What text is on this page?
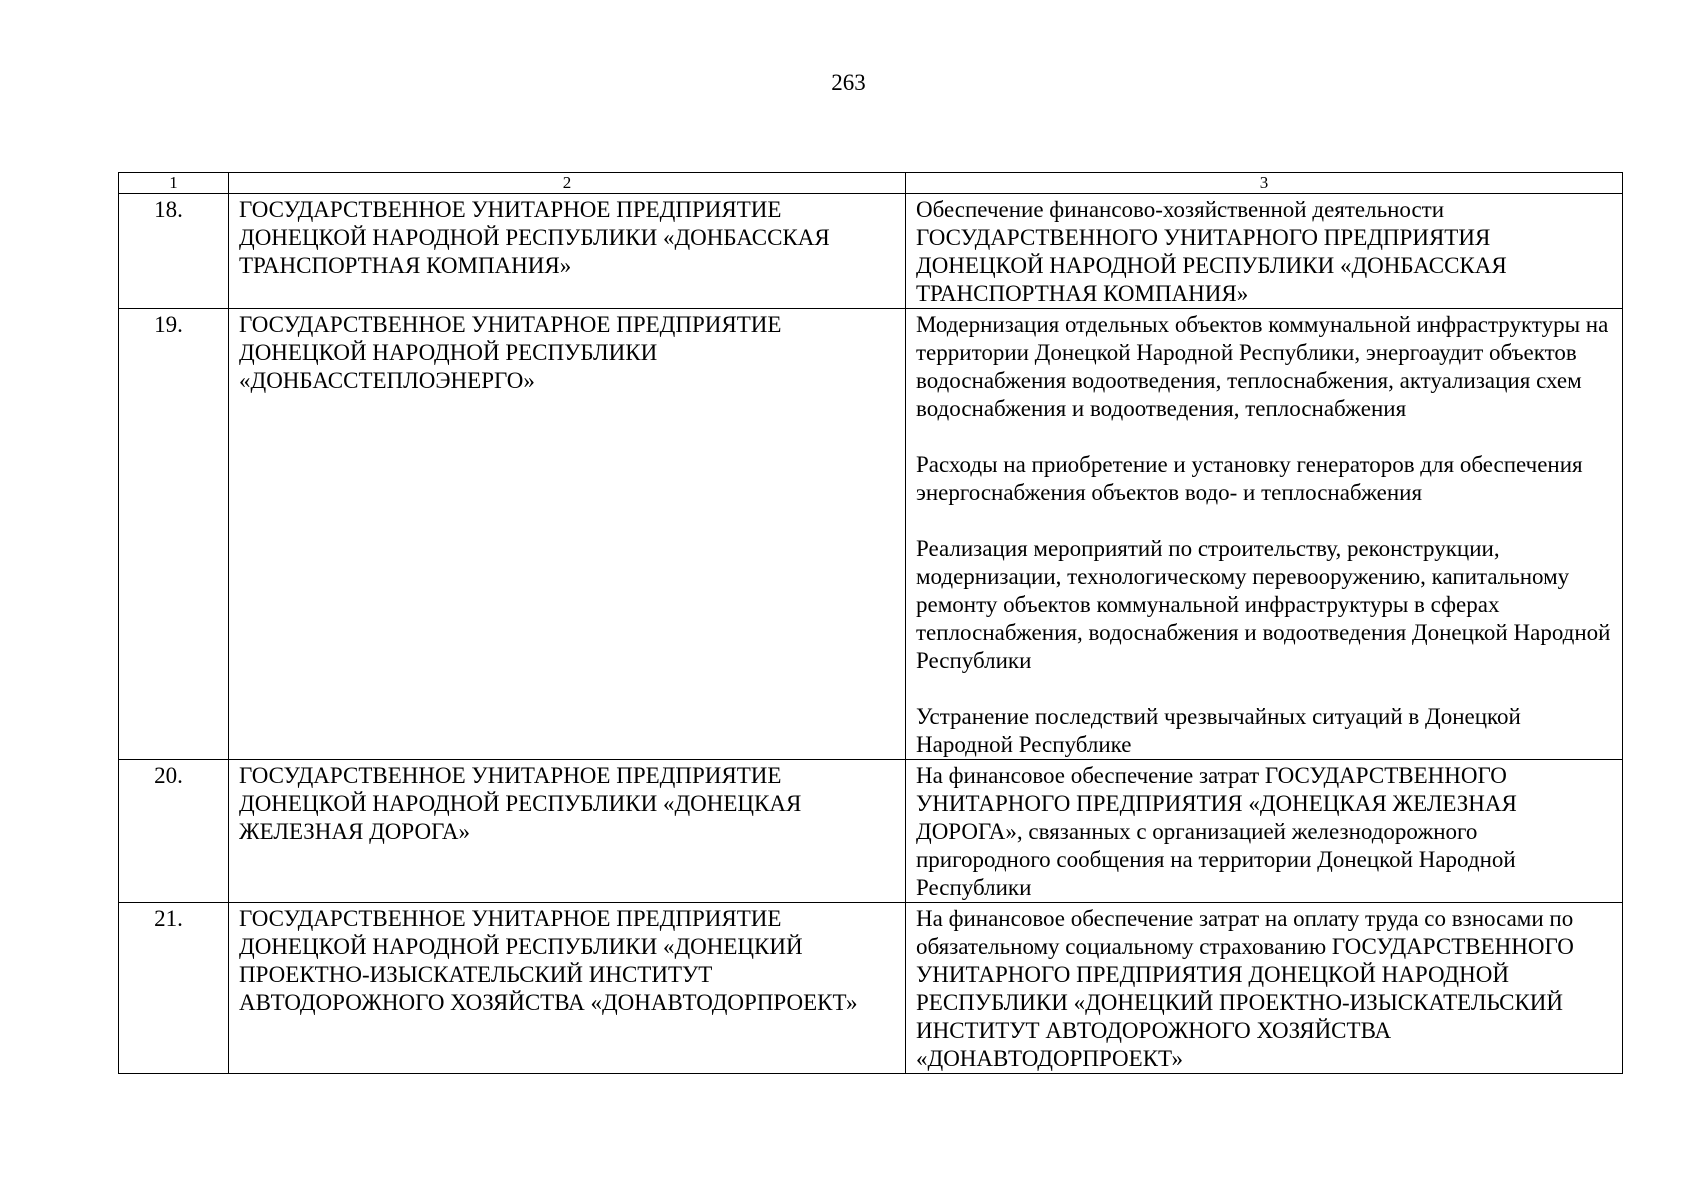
263
1	2	3
18.	ГОСУДАРСТВЕННОЕ УНИТАРНОЕ ПРЕДПРИЯТИЕ ДОНЕЦКОЙ НАРОДНОЙ РЕСПУБЛИКИ «ДОНБАССКАЯ ТРАНСПОРТНАЯ КОМПАНИЯ»	Обеспечение финансово-хозяйственной деятельности ГОСУДАРСТВЕННОГО УНИТАРНОГО ПРЕДПРИЯТИЯ ДОНЕЦКОЙ НАРОДНОЙ РЕСПУБЛИКИ «ДОНБАССКАЯ ТРАНСПОРТНАЯ КОМПАНИЯ»

19.	ГОСУДАРСТВЕННОЕ УНИТАРНОЕ ПРЕДПРИЯТИЕ ДОНЕЦКОЙ НАРОДНОЙ РЕСПУБЛИКИ «ДОНБАССТЕПЛОЭНЕРГО»	Модернизация отдельных объектов коммунальной инфраструктуры на территории Донецкой Народной Республики, энергоаудит объектов водоснабжения водоотведения, теплоснабжения, актуализация схем водоснабжения и водоотведения, теплоснабжения

Расходы на приобретение и установку генераторов для обеспечения энергоснабжения объектов водо- и теплоснабжения

Реализация мероприятий по строительству, реконструкции, модернизации, технологическому перевооружению, капитальному ремонту объектов коммунальной инфраструктуры в сферах теплоснабжения, водоснабжения и водоотведения Донецкой Народной Республики

Устранение последствий чрезвычайных ситуаций в Донецкой Народной Республике

20.	ГОСУДАРСТВЕННОЕ УНИТАРНОЕ ПРЕДПРИЯТИЕ ДОНЕЦКОЙ НАРОДНОЙ РЕСПУБЛИКИ «ДОНЕЦКАЯ ЖЕЛЕЗНАЯ ДОРОГА»	На финансовое обеспечение затрат ГОСУДАРСТВЕННОГО УНИТАРНОГО ПРЕДПРИЯТИЯ «ДОНЕЦКАЯ ЖЕЛЕЗНАЯ ДОРОГА», связанных с организацией железнодорожного пригородного сообщения на территории Донецкой Народной Республики

21.	ГОСУДАРСТВЕННОЕ УНИТАРНОЕ ПРЕДПРИЯТИЕ ДОНЕЦКОЙ НАРОДНОЙ РЕСПУБЛИКИ «ДОНЕЦКИЙ ПРОЕКТНО-ИЗЫСКАТЕЛЬСКИЙ ИНСТИТУТ АВТОДОРОЖНОГО ХОЗЯЙСТВА «ДОНАВТОДОРПРОЕКТ»	На финансовое обеспечение затрат на оплату труда со взносами по обязательному социальному страхованию ГОСУДАРСТВЕННОГО УНИТАРНОГО ПРЕДПРИЯТИЯ ДОНЕЦКОЙ НАРОДНОЙ РЕСПУБЛИКИ «ДОНЕЦКИЙ ПРОЕКТНО-ИЗЫСКАТЕЛЬСКИЙ ИНСТИТУТ АВТОДОРОЖНОГО ХОЗЯЙСТВА «ДОНАВТОДОРПРОЕКТ»
